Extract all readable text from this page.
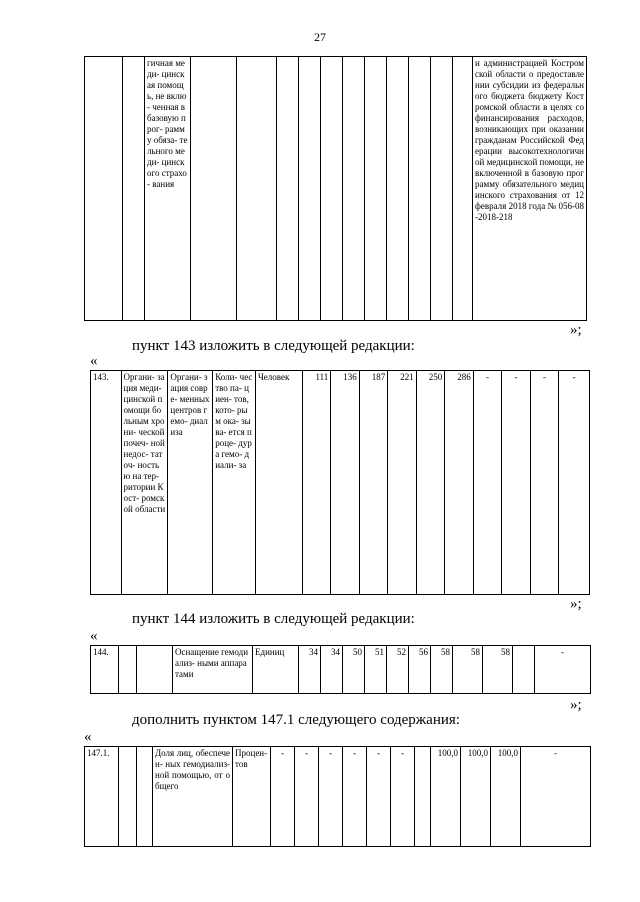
27
		гичная меди- цинская помощь, не вклю- ченная в базовую прог- рамму обяза- тельного меди- цинского страхо- вания												и администрацией Костромской области о предоставлении субсидии из федерального бюджета бюджету Костромской области в целях софинансирования расходов, возникающих при оказании гражданам Российской Федерации высокотехнологичной медицинской помощи, не включенной в базовую программу обязательного медицинского страхования от 12 февраля 2018 года № 056-08-2018-218
»;
пункт 143 изложить в следующей редакции:
«
143.	Органи- зация меди- цинской помощи больным хрони- ческой почеч- ной недос- таточ- ностью на тер- ритории Кост- ромской области	Органи- зация совре- менных центров гемо- диализа	Коли- чество па- циен- тов, кото- рым ока- зыва- ется проце- дура гемо- диали- за	Человек	111	136	187	221	250	286	-	-	-	-
»;
пункт 144 изложить в следующей редакции:
«
144.			Оснащение гемодиализ- ными аппаратами	Единиц	34	34	50	51	52	56	58	58	58		-
»;
дополнить пунктом 147.1 следующего содержания:
«
147.1.			Доля лиц, обеспечен- ных гемодиализ- ной помощью, от общего	Процен- тов	-	-	-	-	-	-		100,0	100,0	100,0	-
